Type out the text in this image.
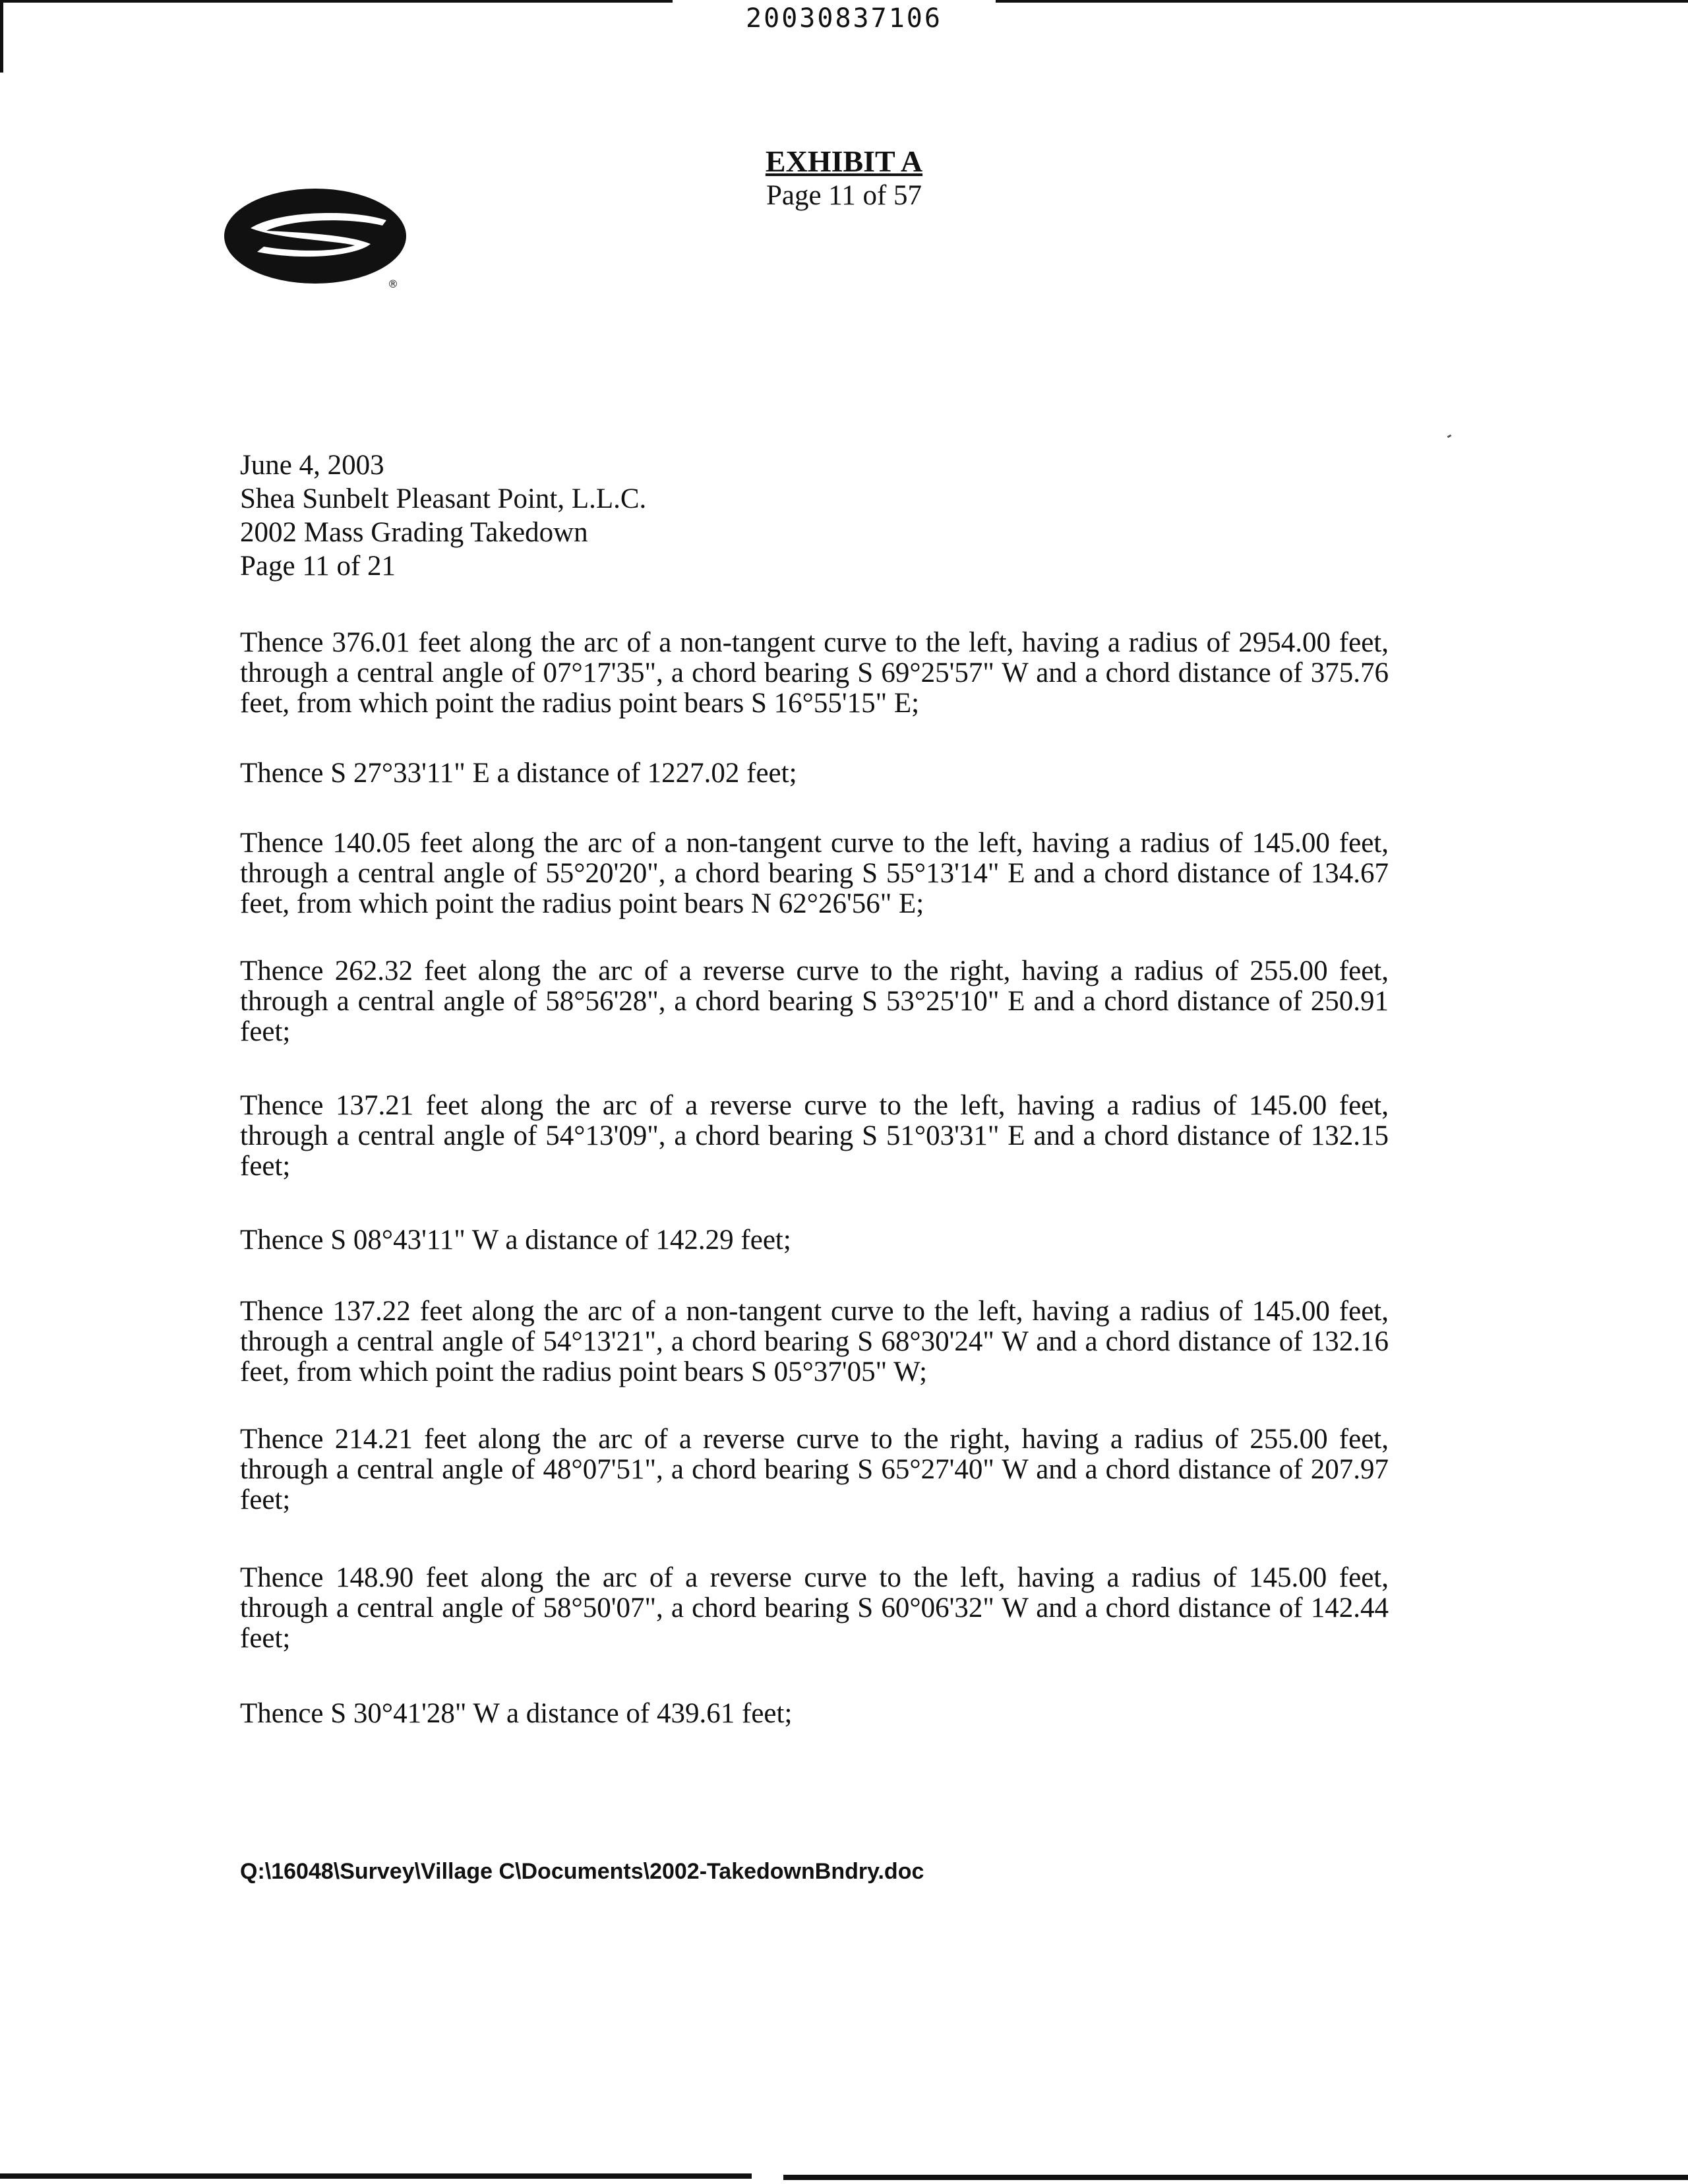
20030837106
EXHIBIT A
Page 11 of 57
®
June 4, 2003
Shea Sunbelt Pleasant Point, L.L.C.
2002 Mass Grading Takedown
Page 11 of 21
Thence 376.01 feet along the arc of a non-tangent curve to the left, having a radius of 2954.00 feet, through a central angle of 07°17'35", a chord bearing S 69°25'57" W and a chord distance of 375.76 feet, from which point the radius point bears S 16°55'15" E;
Thence S 27°33'11" E a distance of 1227.02 feet;
Thence 140.05 feet along the arc of a non-tangent curve to the left, having a radius of 145.00 feet, through a central angle of 55°20'20", a chord bearing S 55°13'14" E and a chord distance of 134.67 feet, from which point the radius point bears N 62°26'56" E;
Thence 262.32 feet along the arc of a reverse curve to the right, having a radius of 255.00 feet, through a central angle of 58°56'28", a chord bearing S 53°25'10" E and a chord distance of 250.91 feet;
Thence 137.21 feet along the arc of a reverse curve to the left, having a radius of 145.00 feet, through a central angle of 54°13'09", a chord bearing S 51°03'31" E and a chord distance of 132.15 feet;
Thence S 08°43'11" W a distance of 142.29 feet;
Thence 137.22 feet along the arc of a non-tangent curve to the left, having a radius of 145.00 feet, through a central angle of 54°13'21", a chord bearing S 68°30'24" W and a chord distance of 132.16 feet, from which point the radius point bears S 05°37'05" W;
Thence 214.21 feet along the arc of a reverse curve to the right, having a radius of 255.00 feet, through a central angle of 48°07'51", a chord bearing S 65°27'40" W and a chord distance of 207.97 feet;
Thence 148.90 feet along the arc of a reverse curve to the left, having a radius of 145.00 feet, through a central angle of 58°50'07", a chord bearing S 60°06'32" W and a chord distance of 142.44 feet;
Thence S 30°41'28" W a distance of 439.61 feet;
Q:\16048\Survey\Village C\Documents\2002-TakedownBndry.doc
